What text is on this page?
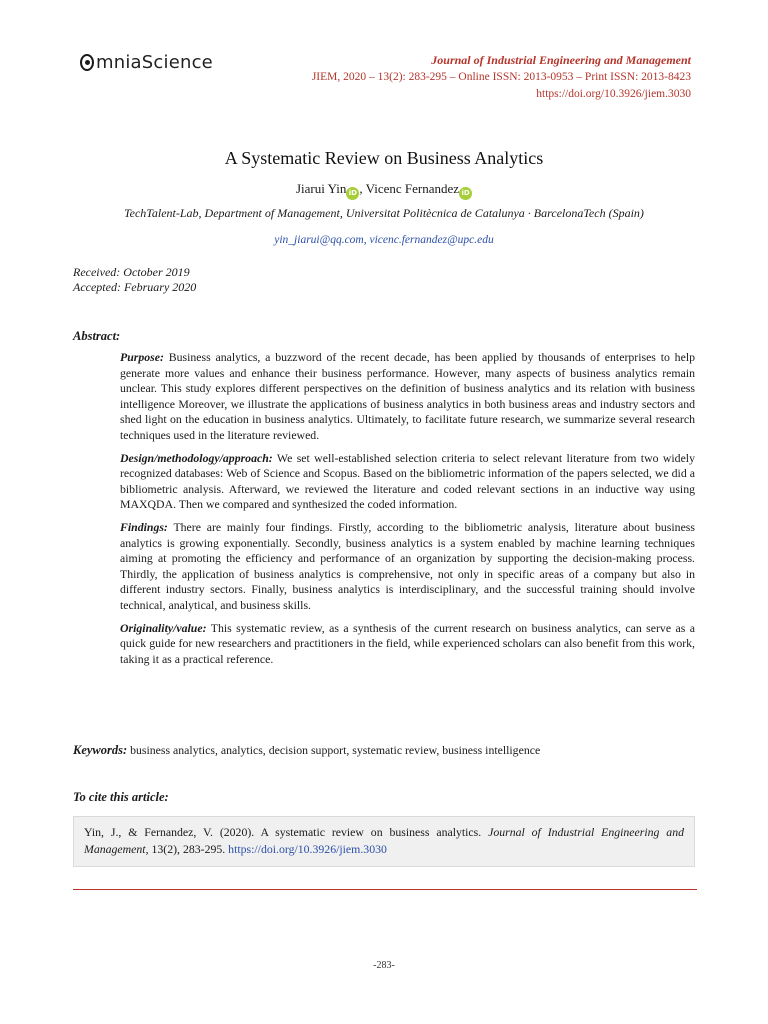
mniaScience	Journal of Industrial Engineering and Management
JIEM, 2020 – 13(2): 283-295 – Online ISSN: 2013-0953 – Print ISSN: 2013-8423
https://doi.org/10.3926/jiem.3030
A Systematic Review on Business Analytics
Jiarui Yin iD , Vicenc Fernandez iD
TechTalent-Lab, Department of Management, Universitat Politècnica de Catalunya · BarcelonaTech (Spain)
yin_jiarui@qq.com, vicenc.fernandez@upc.edu
Received: October 2019
Accepted: February 2020
Abstract:

Purpose: Business analytics, a buzzword of the recent decade, has been applied by thousands of enterprises to help generate more values and enhance their business performance. However, many aspects of business analytics remain unclear. This study explores different perspectives on the definition of business analytics and its relation with business intelligence Moreover, we illustrate the applications of business analytics in both business areas and industry sectors and shed light on the education in business analytics. Ultimately, to facilitate future research, we summarize several research techniques used in the literature reviewed.

Design/methodology/approach: We set well-established selection criteria to select relevant literature from two widely recognized databases: Web of Science and Scopus. Based on the bibliometric information of the papers selected, we did a bibliometric analysis. Afterward, we reviewed the literature and coded relevant sections in an inductive way using MAXQDA. Then we compared and synthesized the coded information.

Findings: There are mainly four findings. Firstly, according to the bibliometric analysis, literature about business analytics is growing exponentially. Secondly, business analytics is a system enabled by machine learning techniques aiming at promoting the efficiency and performance of an organization by supporting the decision-making process. Thirdly, the application of business analytics is comprehensive, not only in specific areas of a company but also in different industry sectors. Finally, business analytics is interdisciplinary, and the successful training should involve technical, analytical, and business skills.

Originality/value: This systematic review, as a synthesis of the current research on business analytics, can serve as a quick guide for new researchers and practitioners in the field, while experienced scholars can also benefit from this work, taking it as a practical reference.

Keywords: business analytics, analytics, decision support, systematic review, business intelligence
To cite this article:
Yin, J., & Fernandez, V. (2020). A systematic review on business analytics. Journal of Industrial Engineering and Management, 13(2), 283-295. https://doi.org/10.3926/jiem.3030
-283-
